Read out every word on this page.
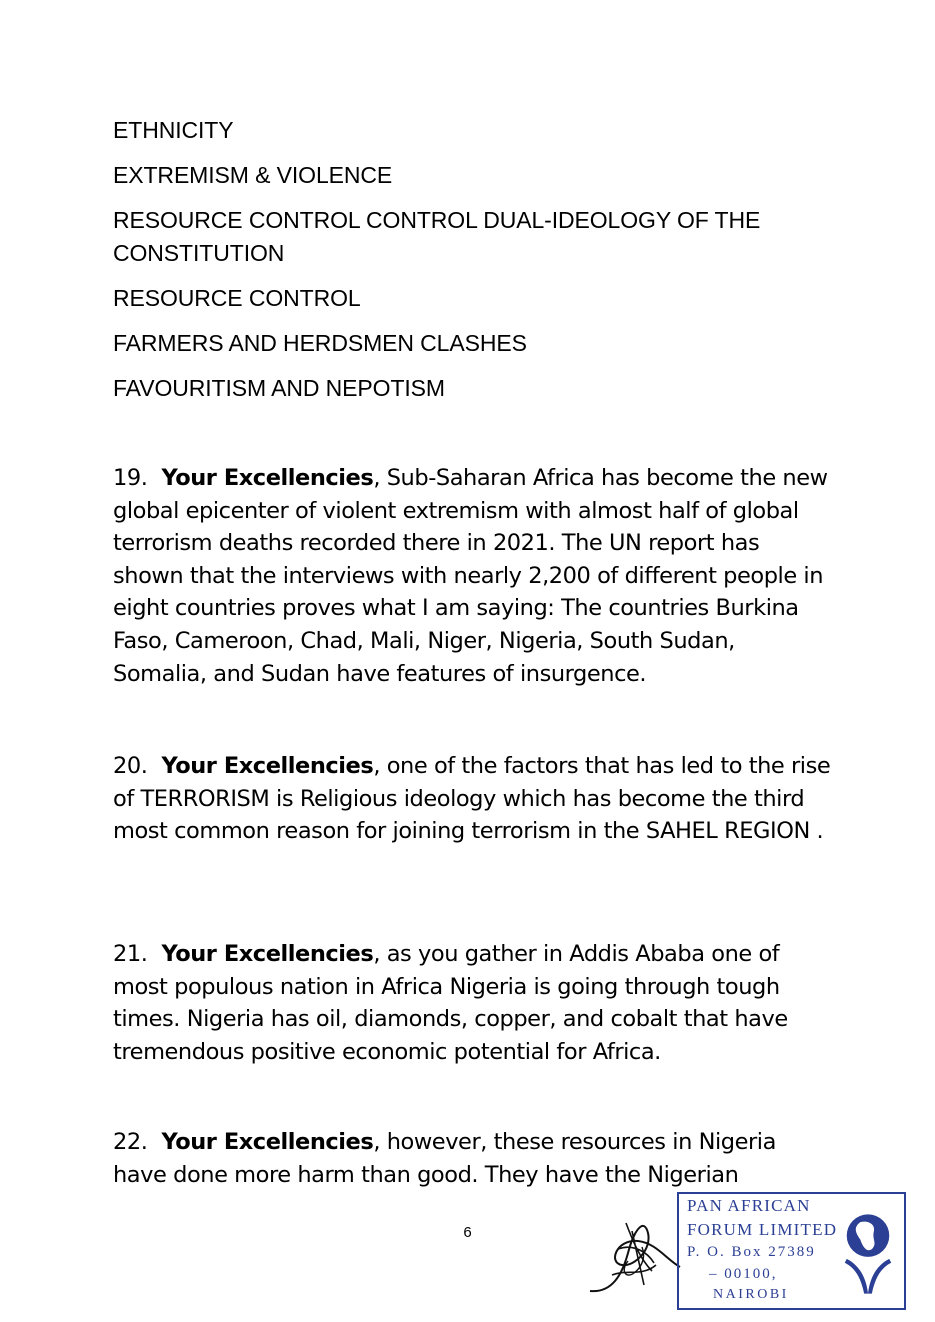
ETHNICITY
EXTREMISM & VIOLENCE
RESOURCE CONTROL CONTROL DUAL-IDEOLOGY OF THE CONSTITUTION
RESOURCE CONTROL
FARMERS AND HERDSMEN CLASHES
FAVOURITISM AND NEPOTISM
19. Your Excellencies, Sub-Saharan Africa has become the new global epicenter of violent extremism with almost half of global terrorism deaths recorded there in 2021. The UN report has shown that the interviews with nearly 2,200 of different people in eight countries proves what I am saying: The countries Burkina Faso, Cameroon, Chad, Mali, Niger, Nigeria, South Sudan, Somalia, and Sudan have features of insurgence.
20. Your Excellencies, one of the factors that has led to the rise of TERRORISM is Religious ideology which has become the third most common reason for joining terrorism in the SAHEL REGION .
21. Your Excellencies, as you gather in Addis Ababa one of most populous nation in Africa Nigeria is going through tough times. Nigeria has oil, diamonds, copper, and cobalt that have tremendous positive economic potential for Africa.
22. Your Excellencies, however, these resources in Nigeria have done more harm than good. They have the Nigerian
6
PAN AFRICAN
FORUM LIMITED
P. O. Box 27389
– 00100,
NAIROBI
